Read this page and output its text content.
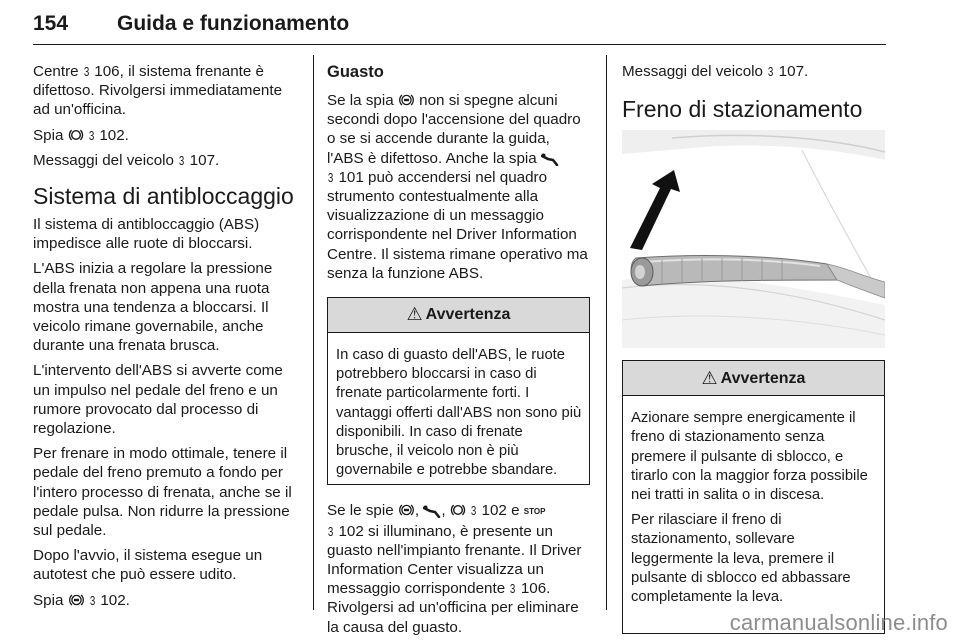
154 Guida e funzionamento

Centre 3 106, il sistema frenante è difettoso. Rivolgersi immediatamente ad un'officina.

Spia  3 102.

Messaggi del veicolo 3 107.

Sistema di antibloccaggio

Il sistema di antibloccaggio (ABS) impedisce alle ruote di bloccarsi.

L'ABS inizia a regolare la pressione della frenata non appena una ruota mostra una tendenza a bloccarsi. Il veicolo rimane governabile, anche durante una frenata brusca.

L'intervento dell'ABS si avverte come un impulso nel pedale del freno e un rumore provocato dal processo di regolazione.

Per frenare in modo ottimale, tenere il pedale del freno premuto a fondo per l'intero processo di frenata, anche se il pedale pulsa. Non ridurre la pressione sul pedale.

Dopo l'avvio, il sistema esegue un autotest che può essere udito.

Spia  3 102.

Guasto

Se la spia  non si spegne alcuni secondi dopo l'accensione del quadro o se si accende durante la guida, l'ABS è difettoso. Anche la spia
3 101 può accendersi nel quadro strumento contestualmente alla visualizzazione di un messaggio corrispondente nel Driver Information Centre. Il sistema rimane operativo ma senza la funzione ABS.

⚠ Avvertenza
In caso di guasto dell'ABS, le ruote potrebbero bloccarsi in caso di frenate particolarmente forti. I vantaggi offerti dall'ABS non sono più disponibili. In caso di frenate brusche, il veicolo non è più governabile e potrebbe sbandare.

Se le spie , ,  3 102 e STOP
3 102 si illuminano, è presente un guasto nell'impianto frenante. Il Driver Information Center visualizza un messaggio corrispondente 3 106. Rivolgersi ad un'officina per eliminare la causa del guasto.

Messaggi del veicolo 3 107.

Freno di stazionamento
⚠ Avvertenza

Azionare sempre energicamente il freno di stazionamento senza premere il pulsante di sblocco, e tirarlo con la maggior forza possibile nei tratti in salita o in discesa.

Per rilasciare il freno di stazionamento, sollevare leggermente la leva, premere il pulsante di sblocco ed abbassare completamente la leva.

carmanualsonline.info
